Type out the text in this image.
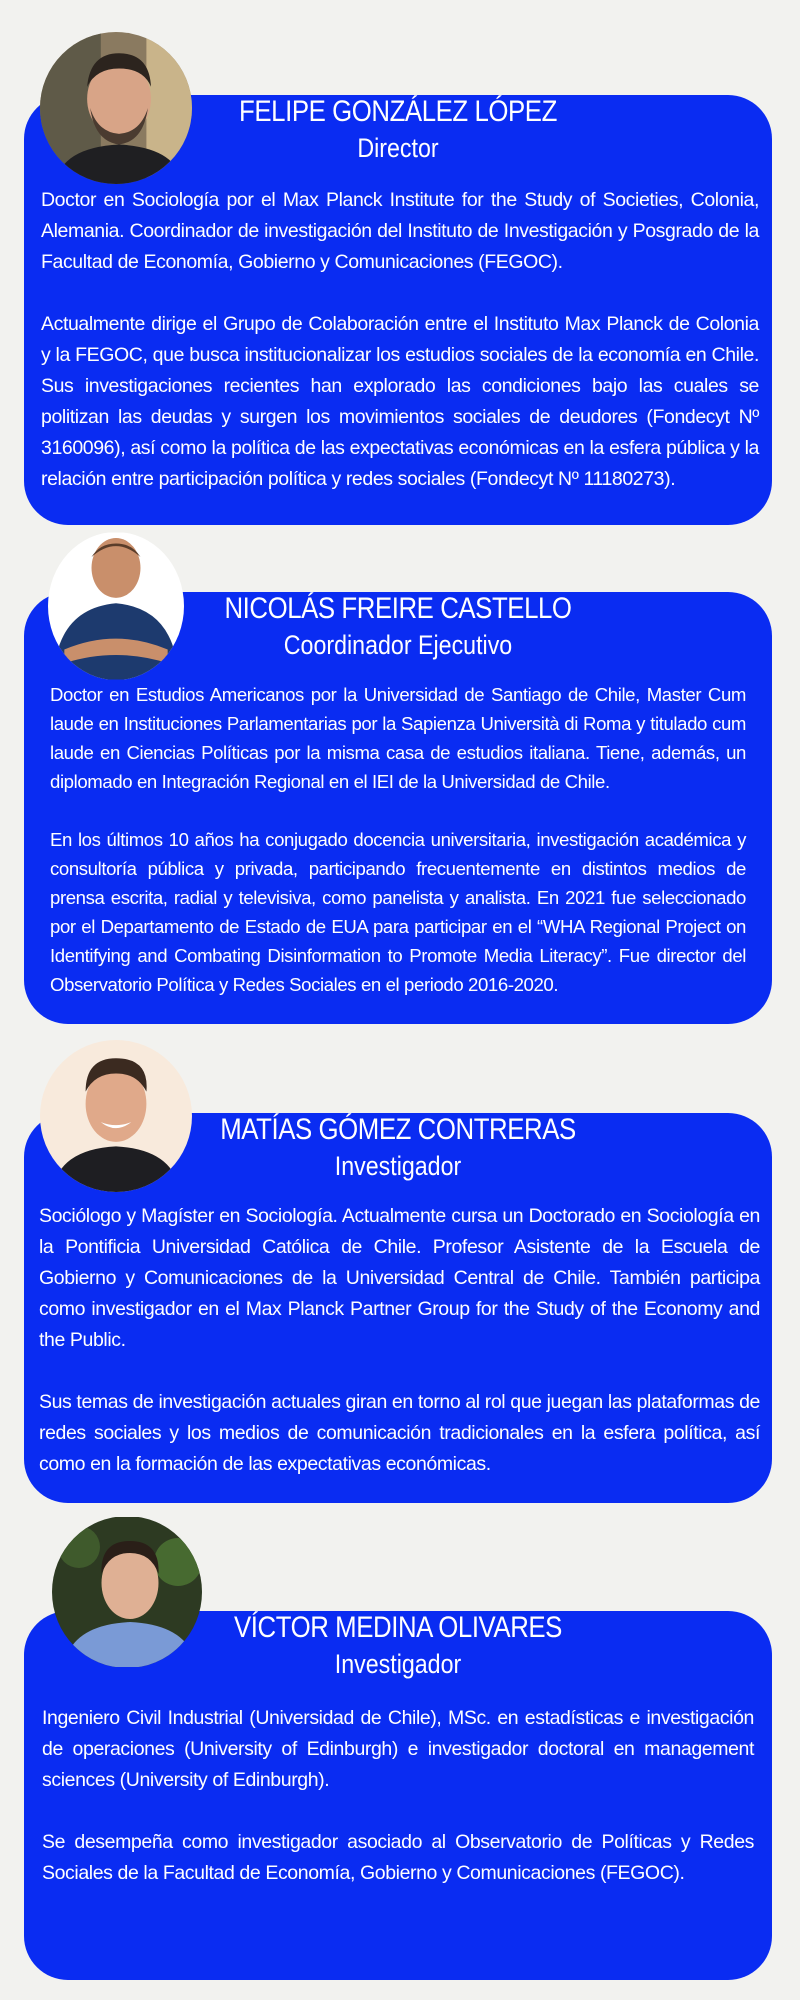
FELIPE GONZÁLEZ LÓPEZ
Director

Doctor en Sociología por el Max Planck Institute for the Study of Societies, Colonia, Alemania. Coordinador de investigación del Instituto de Investigación y Posgrado de la Facultad de Economía, Gobierno y Comunicaciones (FEGOC).

Actualmente dirige el Grupo de Colaboración entre el Instituto Max Planck de Colonia y la FEGOC, que busca institucionalizar los estudios sociales de la economía en Chile. Sus investigaciones recientes han explorado las condiciones bajo las cuales se politizan las deudas y surgen los movimientos sociales de deudores (Fondecyt Nº 3160096), así como la política de las expectativas económicas en la esfera pública y la relación entre participación política y redes sociales (Fondecyt Nº 11180273).

NICOLÁS FREIRE CASTELLO
Coordinador Ejecutivo

Doctor en Estudios Americanos por la Universidad de Santiago de Chile, Master Cum laude en Instituciones Parlamentarias por la Sapienza Università di Roma y titulado cum laude en Ciencias Políticas por la misma casa de estudios italiana. Tiene, además, un diplomado en Integración Regional en el IEI de la Universidad de Chile.

En los últimos 10 años ha conjugado docencia universitaria, investigación académica y consultoría pública y privada, participando frecuentemente en distintos medios de prensa escrita, radial y televisiva, como panelista y analista. En 2021 fue seleccionado por el Departamento de Estado de EUA para participar en el “WHA Regional Project on Identifying and Combating Disinformation to Promote Media Literacy”. Fue director del Observatorio Política y Redes Sociales en el periodo 2016-2020.

MATÍAS GÓMEZ CONTRERAS
Investigador

Sociólogo y Magíster en Sociología. Actualmente cursa un Doctorado en Sociología en la Pontificia Universidad Católica de Chile. Profesor Asistente de la Escuela de Gobierno y Comunicaciones de la Universidad Central de Chile. También participa como investigador en el Max Planck Partner Group for the Study of the Economy and the Public.

Sus temas de investigación actuales giran en torno al rol que juegan las plataformas de redes sociales y los medios de comunicación tradicionales en la esfera política, así como en la formación de las expectativas económicas.

VÍCTOR MEDINA OLIVARES
Investigador

Ingeniero Civil Industrial (Universidad de Chile), MSc. en estadísticas e investigación de operaciones (University of Edinburgh) e investigador doctoral en management sciences (University of Edinburgh).

Se desempeña como investigador asociado al Observatorio de Políticas y Redes Sociales de la Facultad de Economía, Gobierno y Comunicaciones (FEGOC).
